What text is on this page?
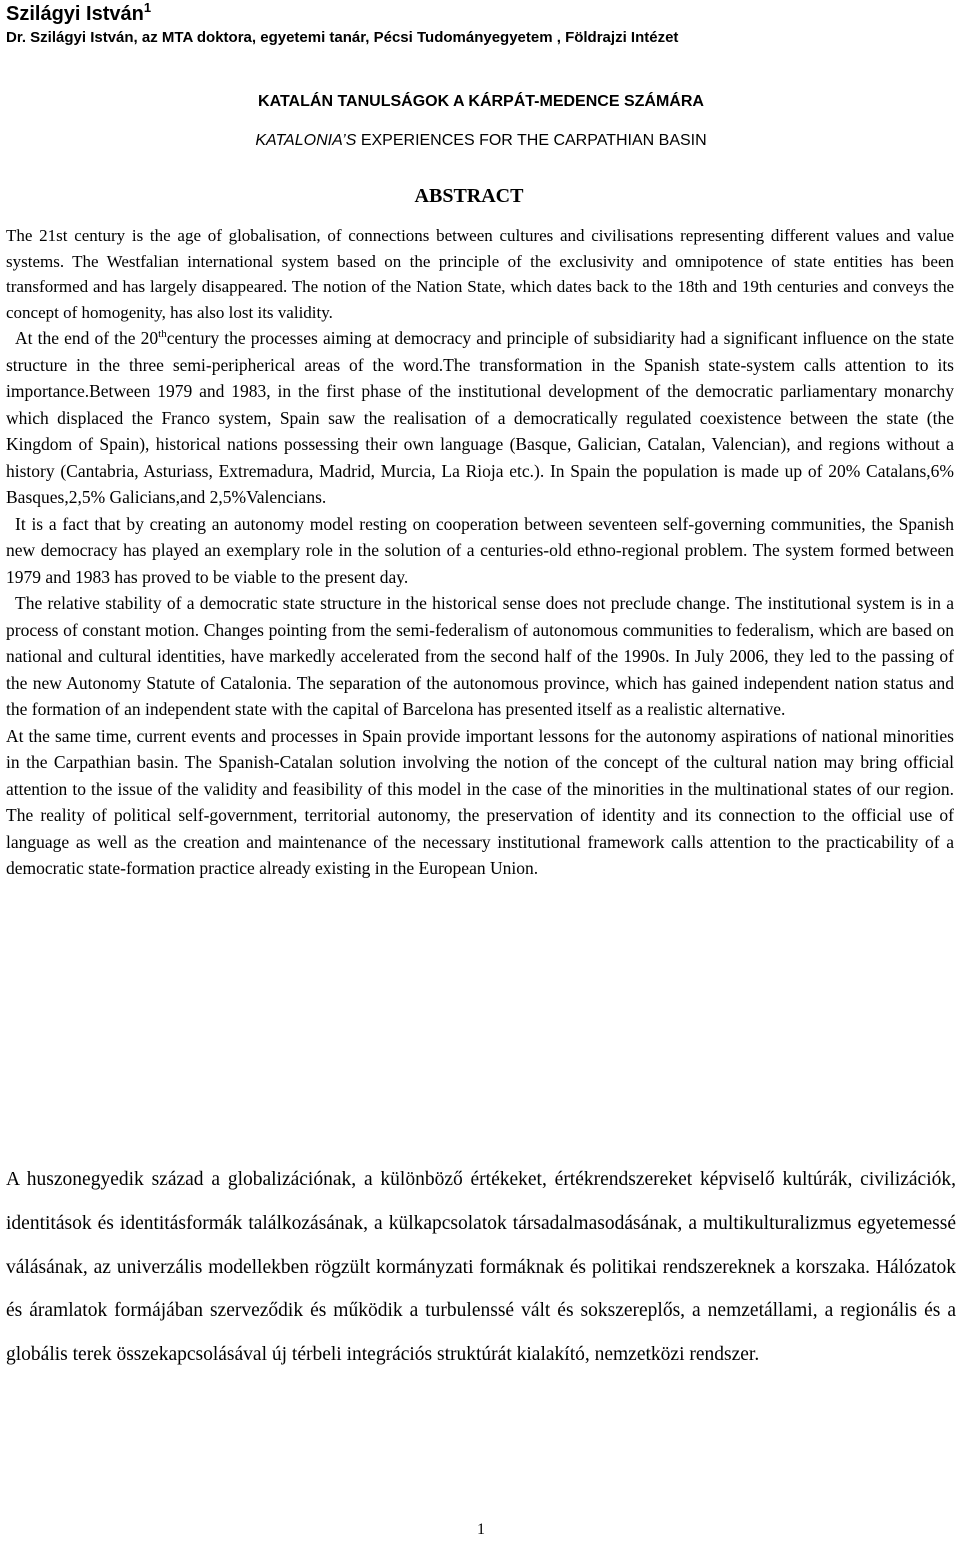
Szilágyi István$^1$
Dr. Szilágyi István, az MTA doktora, egyetemi tanár, Pécsi Tudományegyetem , Földrajzi Intézet
KATALÁN TANULSÁGOK A KÁRPÁT-MEDENCE SZÁMÁRA
KATALONIA’S EXPERIENCES FOR THE CARPATHIAN BASIN
ABSTRACT

The 21st century is the age of globalisation, of connections between cultures and civilisations representing different values and value systems. The Westfalian international system based on the principle of the exclusivity and omnipotence of state entities has been transformed and has largely disappeared. The notion of the Nation State, which dates back to the 18th and 19th centuries and conveys the concept of homogenity, has also lost its validity.

At the end of the 20thcentury the processes aiming at democracy and principle of subsidiarity had a significant influence on the state structure in the three semi-peripherical areas of the word.The transformation in the Spanish state-system calls attention to its importance.Between 1979 and 1983, in the first phase of the institutional development of the democratic parliamentary monarchy which displaced the Franco system, Spain saw the realisation of a democratically regulated coexistence between the state (the Kingdom of Spain), historical nations possessing their own language (Basque, Galician, Catalan, Valencian), and regions without a history (Cantabria, Asturiass, Extremadura, Madrid, Murcia, La Rioja etc.). In Spain the population is made up of 20% Catalans,6% Basques,2,5% Galicians,and 2,5%Valencians.

It is a fact that by creating an autonomy model resting on cooperation between seventeen self-governing communities, the Spanish new democracy has played an exemplary role in the solution of a centuries-old ethno-regional problem. The system formed between 1979 and 1983 has proved to be viable to the present day.

The relative stability of a democratic state structure in the historical sense does not preclude change. The institutional system is in a process of constant motion. Changes pointing from the semi-federalism of autonomous communities to federalism, which are based on national and cultural identities, have markedly accelerated from the second half of the 1990s. In July 2006, they led to the passing of the new Autonomy Statute of Catalonia. The separation of the autonomous province, which has gained independent nation status and the formation of an independent state with the capital of Barcelona has presented itself as a realistic alternative.

At the same time, current events and processes in Spain provide important lessons for the autonomy aspirations of national minorities in the Carpathian basin. The Spanish-Catalan solution involving the notion of the concept of the cultural nation may bring official attention to the issue of the validity and feasibility of this model in the case of the minorities in the multinational states of our region. The reality of political self-government, territorial autonomy, the preservation of identity and its connection to the official use of language as well as the creation and maintenance of the necessary institutional framework calls attention to the practicability of a democratic state-formation practice already existing in the European Union.

A huszonegyedik század a globalizációnak, a különböző értékeket, értékrendszereket képviselő kultúrák, civilizációk, identitások és identitásformák találkozásának, a külkapcsolatok társadalmasodásának, a multikulturalizmus egyetemessé válásának, az univerzális modellekben rögzült kormányzati formáknak és politikai rendszereknek a korszaka. Hálózatok és áramlatok formájában szerveződik és működik a turbulenssé vált és sokszereplős, a nemzetállami, a regionális és a globális terek összekapcsolásával új térbeli integrációs struktúrát kialakító, nemzetközi rendszer.

1
